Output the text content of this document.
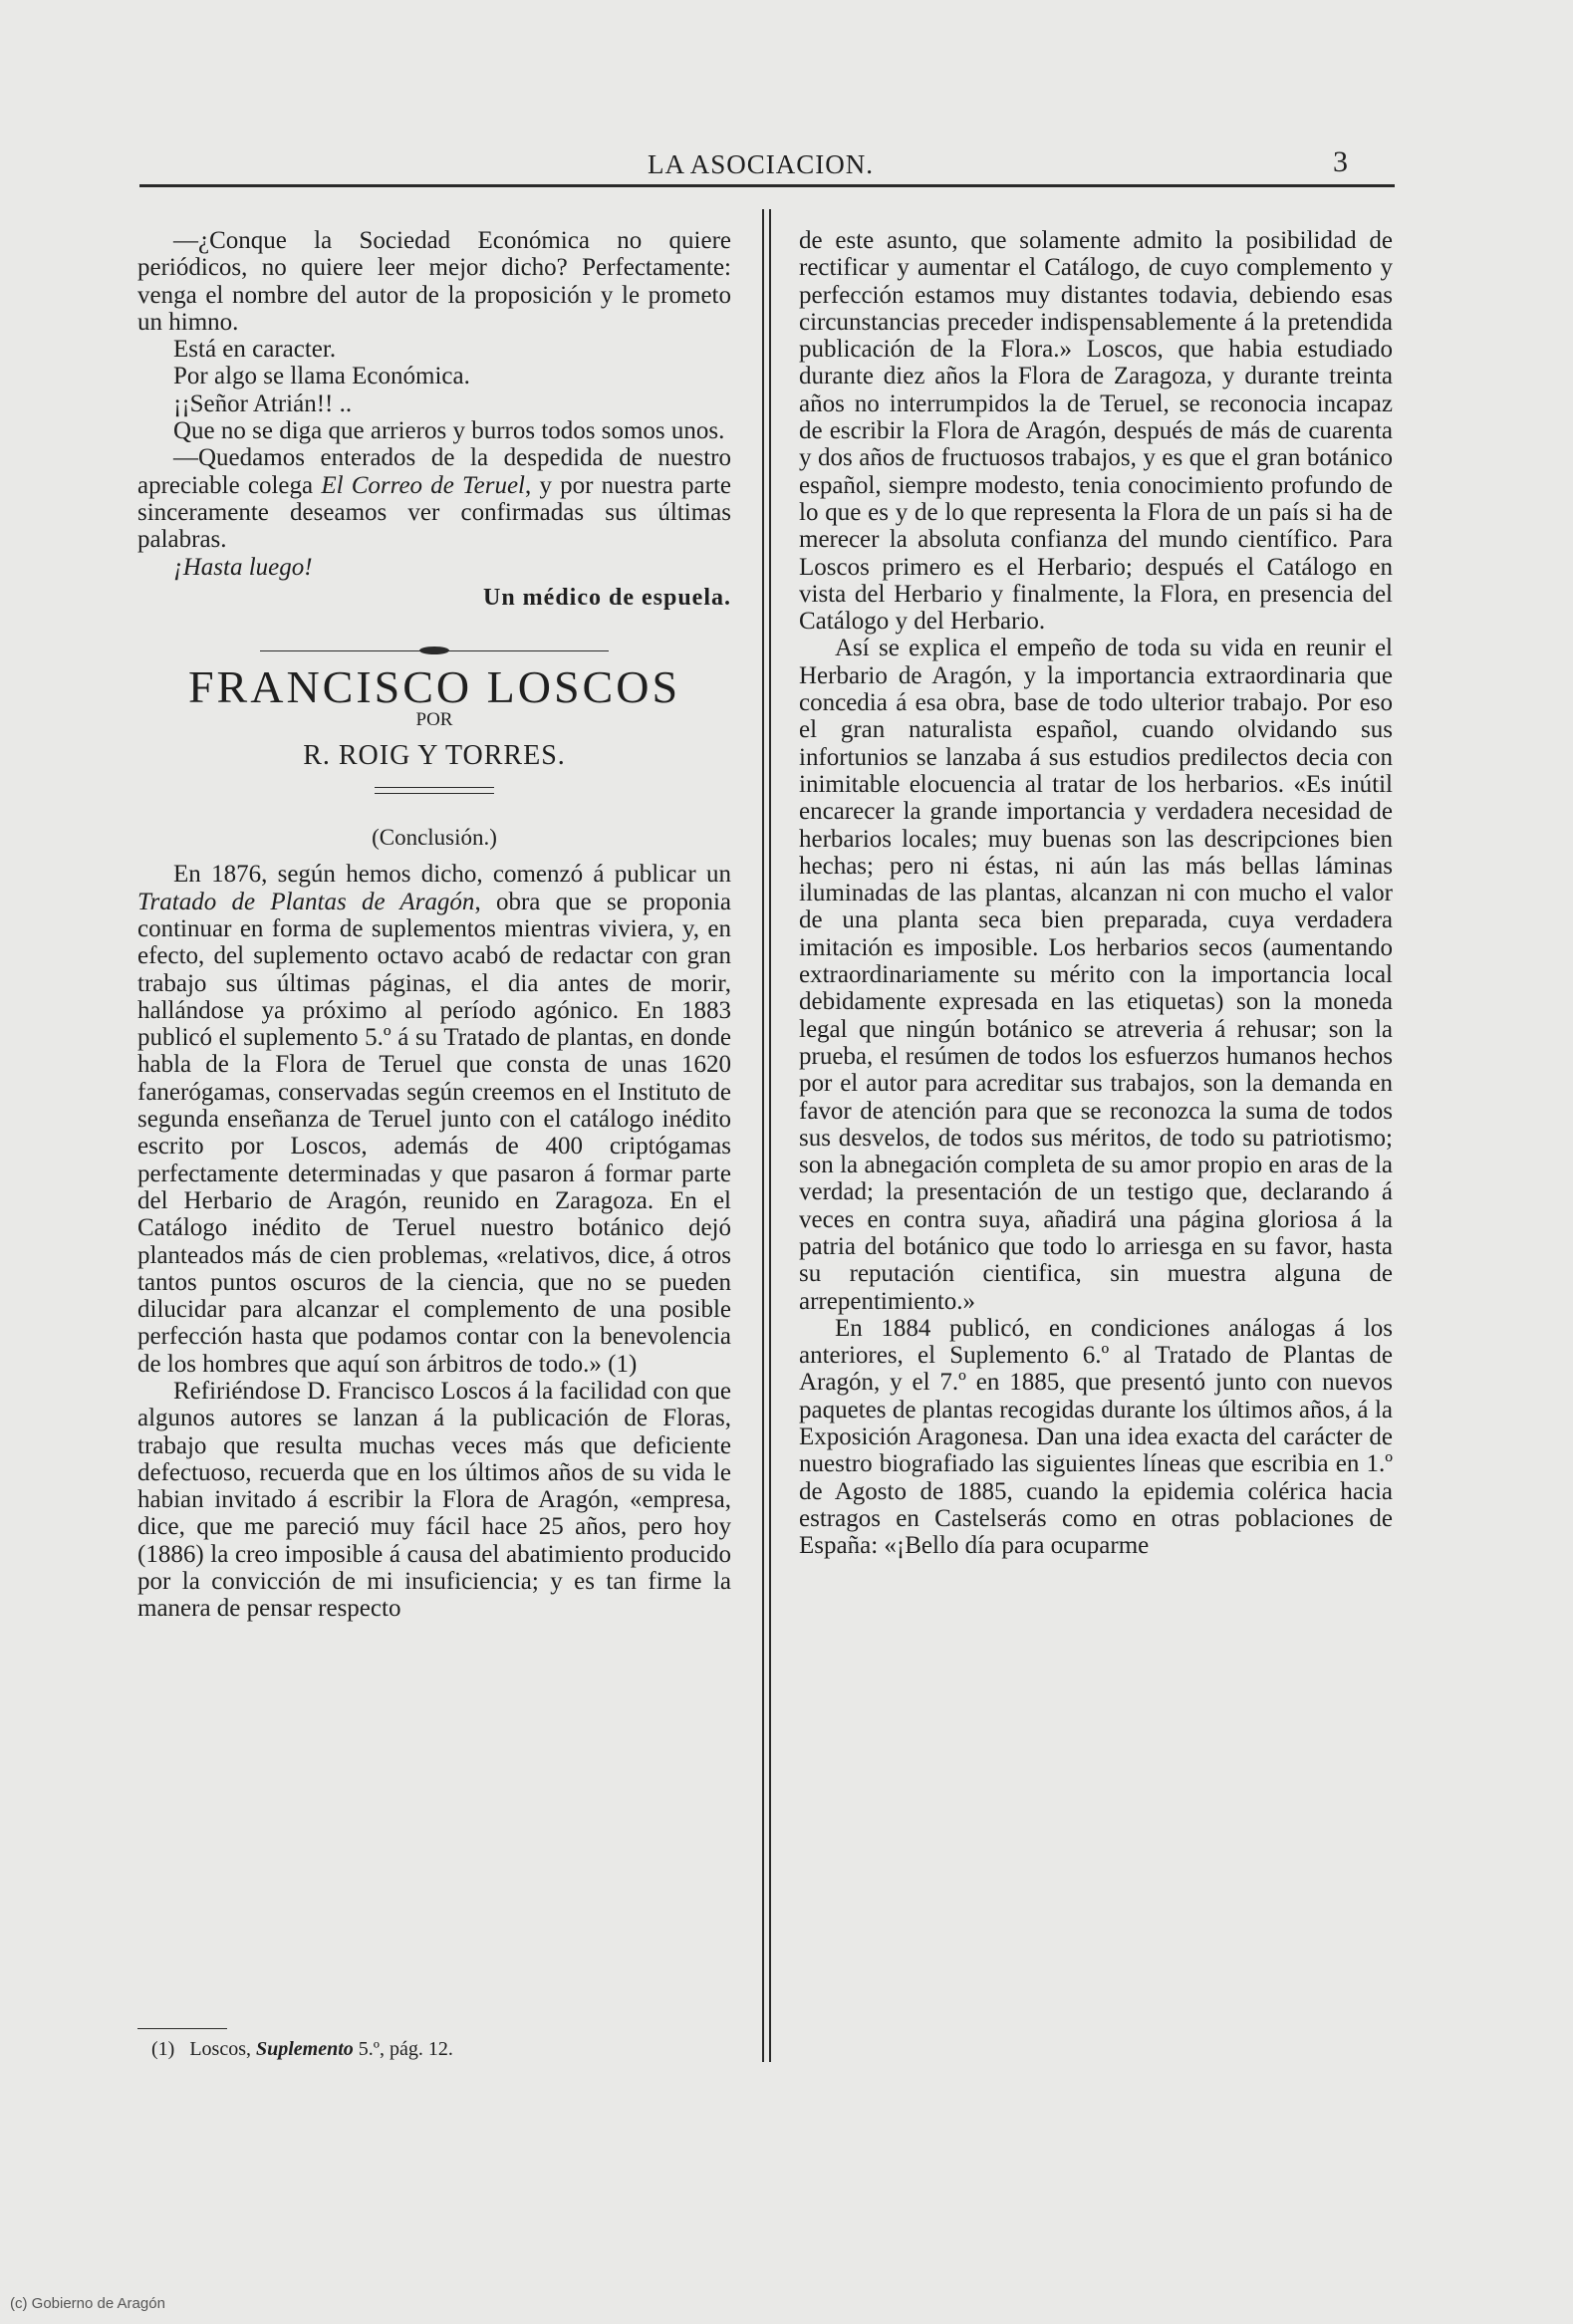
LA ASOCIACION.	3

—¿Conque la Sociedad Económica no quiere periódicos, no quiere leer mejor dicho? Perfectamente: venga el nombre del autor de la proposición y le prometo un himno.

Está en caracter.

Por algo se llama Económica.

¡¡Señor Atrián!! ..

Que no se diga que arrieros y burros todos somos unos.

—Quedamos enterados de la despedida de nuestro apreciable colega El Correo de Teruel, y por nuestra parte sinceramente deseamos ver confirmadas sus últimas palabras.

¡Hasta luego!

Un médico de espuela.

FRANCISCO LOSCOS
POR
R. ROIG Y TORRES.
(Conclusión.)

En 1876, según hemos dicho, comenzó á publicar un Tratado de Plantas de Aragón, obra que se proponia continuar en forma de suplementos mientras viviera, y, en efecto, del suplemento octavo acabó de redactar con gran trabajo sus últimas páginas, el dia antes de morir, hallándose ya próximo al período agónico. En 1883 publicó el suplemento 5.º á su Tratado de plantas, en donde habla de la Flora de Teruel que consta de unas 1620 fanerógamas, conservadas según creemos en el Instituto de segunda enseñanza de Teruel junto con el catálogo inédito escrito por Loscos, además de 400 criptógamas perfectamente determinadas y que pasaron á formar parte del Herbario de Aragón, reunido en Zaragoza. En el Catálogo inédito de Teruel nuestro botánico dejó planteados más de cien problemas, «relativos, dice, á otros tantos puntos oscuros de la ciencia, que no se pueden dilucidar para alcanzar el complemento de una posible perfección hasta que podamos contar con la benevolencia de los hombres que aquí son árbitros de todo.» (1)

Refiriéndose D. Francisco Loscos á la facilidad con que algunos autores se lanzan á la publicación de Floras, trabajo que resulta muchas veces más que deficiente defectuoso, recuerda que en los últimos años de su vida le habian invitado á escribir la Flora de Aragón, «empresa, dice, que me pareció muy fácil hace 25 años, pero hoy (1886) la creo imposible á causa del abatimiento producido por la convicción de mi insuficiencia; y es tan firme la manera de pensar respecto

de este asunto, que solamente admito la posibilidad de rectificar y aumentar el Catálogo, de cuyo complemento y perfección estamos muy distantes todavia, debiendo esas circunstancias preceder indispensablemente á la pretendida publicación de la Flora.» Loscos, que habia estudiado durante diez años la Flora de Zaragoza, y durante treinta años no interrumpidos la de Teruel, se reconocia incapaz de escribir la Flora de Aragón, después de más de cuarenta y dos años de fructuosos trabajos, y es que el gran botánico español, siempre modesto, tenia conocimiento profundo de lo que es y de lo que representa la Flora de un país si ha de merecer la absoluta confianza del mundo científico. Para Loscos primero es el Herbario; después el Catálogo en vista del Herbario y finalmente, la Flora, en presencia del Catálogo y del Herbario.

Así se explica el empeño de toda su vida en reunir el Herbario de Aragón, y la importancia extraordinaria que concedia á esa obra, base de todo ulterior trabajo. Por eso el gran naturalista español, cuando olvidando sus infortunios se lanzaba á sus estudios predilectos decia con inimitable elocuencia al tratar de los herbarios. «Es inútil encarecer la grande importancia y verdadera necesidad de herbarios locales; muy buenas son las descripciones bien hechas; pero ni éstas, ni aún las más bellas láminas iluminadas de las plantas, alcanzan ni con mucho el valor de una planta seca bien preparada, cuya verdadera imitación es imposible. Los herbarios secos (aumentando extraordinariamente su mérito con la importancia local debidamente expresada en las etiquetas) son la moneda legal que ningún botánico se atreveria á rehusar; son la prueba, el resúmen de todos los esfuerzos humanos hechos por el autor para acreditar sus trabajos, son la demanda en favor de atención para que se reconozca la suma de todos sus desvelos, de todos sus méritos, de todo su patriotismo; son la abnegación completa de su amor propio en aras de la verdad; la presentación de un testigo que, declarando á veces en contra suya, añadirá una página gloriosa á la patria del botánico que todo lo arriesga en su favor, hasta su reputación cientifica, sin muestra alguna de arrepentimiento.»

En 1884 publicó, en condiciones análogas á los anteriores, el Suplemento 6.º al Tratado de Plantas de Aragón, y el 7.º en 1885, que presentó junto con nuevos paquetes de plantas recogidas durante los últimos años, á la Exposición Aragonesa. Dan una idea exacta del carácter de nuestro biografiado las siguientes líneas que escribia en 1.º de Agosto de 1885, cuando la epidemia colérica hacia estragos en Castelserás como en otras poblaciones de España: «¡Bello día para ocuparme

(1) Loscos, Suplemento 5.º, pág. 12.
(c) Gobierno de Aragón
